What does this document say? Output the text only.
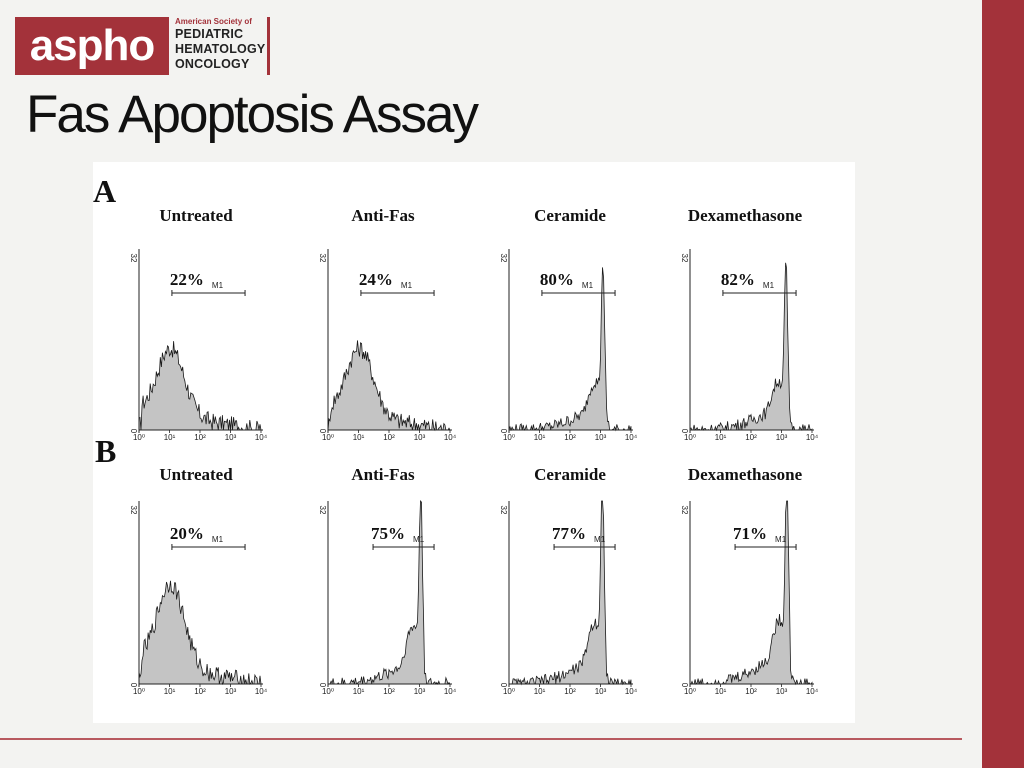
aspho	American Society of
PEDIATRIC
HEMATOLOGY
ONCOLOGY
Fas Apoptosis Assay
A
B
Untreated
32
0
10⁰ 10¹ 10² 10³ 10⁴
22% M1
Anti-Fas
32
0
10⁰ 10¹ 10² 10³ 10⁴
24% M1
Ceramide
32
0
10⁰ 10¹ 10² 10³ 10⁴
80% M1
Dexamethasone
32
0
10⁰ 10¹ 10² 10³ 10⁴
82% M1
Untreated
32
0
10⁰ 10¹ 10² 10³ 10⁴
20% M1
Anti-Fas
32
0
10⁰ 10¹ 10² 10³ 10⁴
75% M1
Ceramide
32
0
10⁰ 10¹ 10² 10³ 10⁴
77% M1
Dexamethasone
32
0
10⁰ 10¹ 10² 10³ 10⁴
71% M1
